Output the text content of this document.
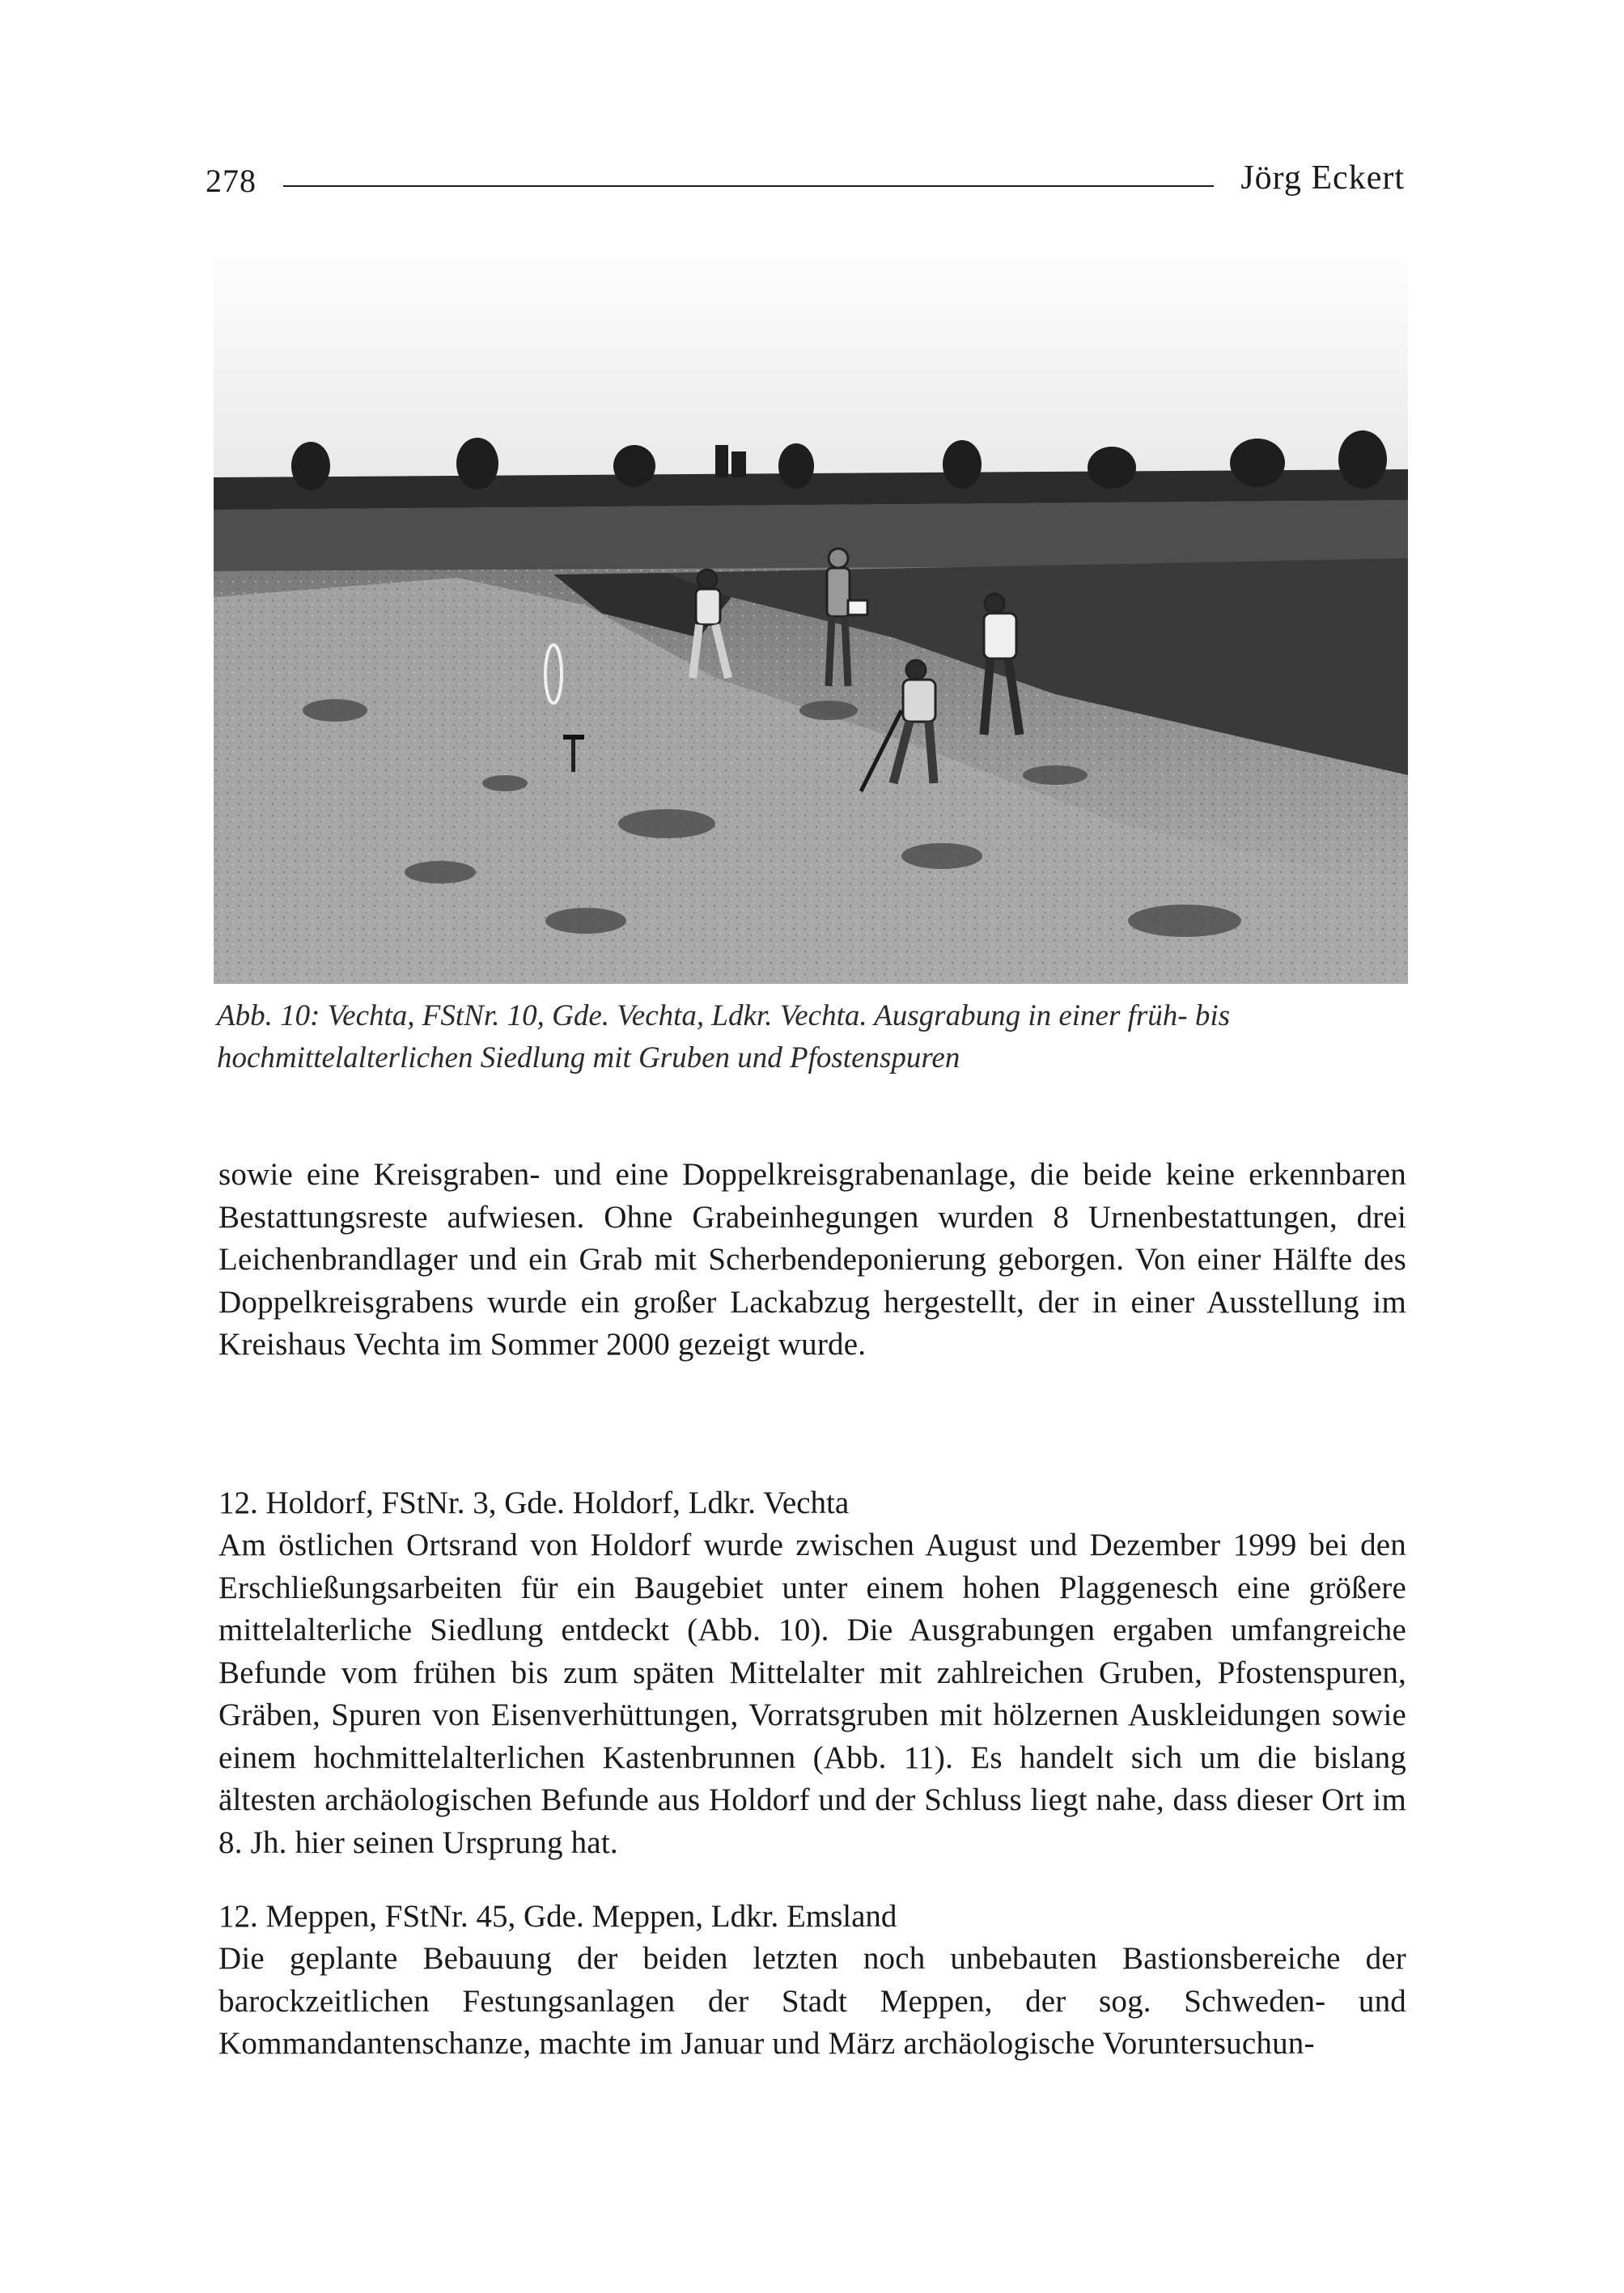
278	Jörg Eckert
Abb. 10: Vechta, FStNr. 10, Gde. Vechta, Ldkr. Vechta. Ausgrabung in einer früh- bis hochmittelalterlichen Siedlung mit Gruben und Pfostenspuren

sowie eine Kreisgraben- und eine Doppelkreisgrabenanlage, die beide keine erkennbaren Bestattungsreste aufwiesen. Ohne Grabeinhegungen wurden 8 Urnenbestattungen, drei Leichenbrandlager und ein Grab mit Scherbendeponierung geborgen. Von einer Hälfte des Doppelkreisgrabens wurde ein großer Lackabzug hergestellt, der in einer Ausstellung im Kreishaus Vechta im Sommer 2000 gezeigt wurde.

12. Holdorf, FStNr. 3, Gde. Holdorf, Ldkr. Vechta

Am östlichen Ortsrand von Holdorf wurde zwischen August und Dezember 1999 bei den Erschließungsarbeiten für ein Baugebiet unter einem hohen Plaggenesch eine größere mittelalterliche Siedlung entdeckt (Abb. 10). Die Ausgrabungen ergaben umfangreiche Befunde vom frühen bis zum späten Mittelalter mit zahlreichen Gruben, Pfostenspuren, Gräben, Spuren von Eisenverhüttungen, Vorratsgruben mit hölzernen Auskleidungen sowie einem hochmittelalterlichen Kastenbrunnen (Abb. 11). Es handelt sich um die bislang ältesten archäologischen Befunde aus Holdorf und der Schluss liegt nahe, dass dieser Ort im 8. Jh. hier seinen Ursprung hat.

12. Meppen, FStNr. 45, Gde. Meppen, Ldkr. Emsland

Die geplante Bebauung der beiden letzten noch unbebauten Bastionsbereiche der barockzeitlichen Festungsanlagen der Stadt Meppen, der sog. Schweden- und Kommandantenschanze, machte im Januar und März archäologische Voruntersuchun-
